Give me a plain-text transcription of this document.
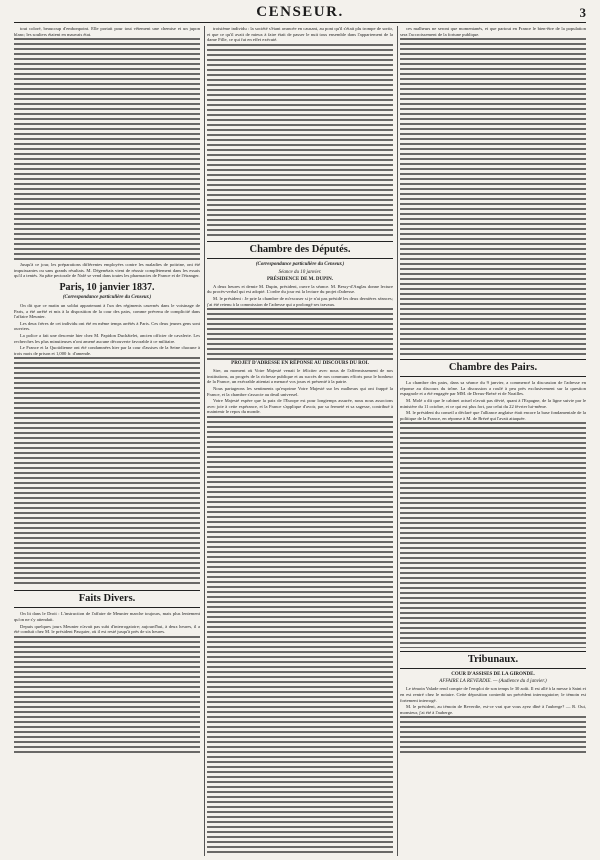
CENSEUR.	3

tout coloré, beaucoup d'embonpoint. Elle portait pour tout vêtement une chemise et un jupon blanc; les souliers étaient en mauvais état.

Jusqu'à ce jour, les préparations différentes employées contre les maladies de poitrine, ont été impuissantes ou sans grands résultats. M. Dégenétais vient de réussir complètement dans les essais qu'il a tentés. Sa pâte pectorale de Nafé se vend dans toutes les pharmacies de France et de l'étranger.

Paris, 10 janvier 1837.
(Correspondance particulière du Censeur.)

On dit que ce matin un soldat appartenant à l'un des régiments casernés dans le voisinage de Paris, a été arrêté et mis à la disposition de la cour des pairs, comme prévenu de complicité dans l'affaire Meunier.

Les deux frères de cet individu ont été en même temps arrêtés à Paris. Ces deux jeunes gens sont ouvriers.

La police a fait une descente hier chez M. Papidon Duchâtelet, ancien officier de cavalerie. Les recherches les plus minutieuses n'ont amené aucune découverte favorable à ce militaire.

Le France et la Quotidienne ont été condamnées hier par la cour d'assises de la Seine chacune à trois mois de prison et 1,000 fr. d'amende.

Faits Divers.

On lit dans le Droit : L'instruction de l'affaire de Meunier marche toujours, mais plus lentement qu'on ne s'y attendait.

Depuis quelques jours Meunier n'avait pas subi d'interrogatoire; aujourd'hui, à deux heures, il a été conduit chez M. le président Pasquier, où il est resté jusqu'à près de six heures.

troisième individu : la société s'étant avancée en causant, au pont qu'il s'était plu trompe de sortir, et que ce qu'il avait de mieux à faire était de passer le nuit tous ensemble dans l'appartement de la dame Fille, ce qui fut en effet exécuté.

Chambre des Députés.
(Correspondance particulière du Censeur.)
Séance du 10 janvier.
PRÉSIDENCE DE M. DUPIN.

A deux heures et demie M. Dupin, président, ouvre la séance. M. Bessy-d'Anglas donne lecture du procès-verbal qui est adopté. L'ordre du jour est la lecture du projet d'adresse.

M. le président : Je prie la chambre de m'excuser si je n'ai pas présidé les deux dernières séances; j'ai été retenu à la commission de l'adresse qui a prolongé ses travaux.

PROJET D'ADRESSE EN RÉPONSE AU DISCOURS DU ROI.

Sire, au moment où Votre Majesté venait le féliciter avec nous de l'affermissement de nos institutions, au progrès de la richesse publique et au succès de nos communs efforts pour le bonheur de la France, un exécrable attentat a menacé vos jours et présenté à la patrie.

Nous partageons les sentiments qu'exprime Votre Majesté sur les malheurs qui ont frappé la France, et la chambre s'associe au deuil universel.

Votre Majesté espère que la paix de l'Europe est pour longtemps assurée, nous nous associons avec joie à cette espérance, et la France s'applique d'avoir, par sa fermeté et sa sagesse, contribué à maintenir le repos du monde.

ces malheurs ne seront que momentanés, et que partout en France le bien-être de la population sera l'accroissement de la fortune publique.

Chambre des Pairs.

La chambre des pairs, dans sa séance du 9 janvier, a commencé la discussion de l'adresse en réponse au discours du trône. La discussion a roulé à peu près exclusivement sur la question espagnole et a été engagée par MM. de Dreux-Brézé et de Noailles.

M. Molé a dit que le cabinet actuel n'avait pas dévié, quant à l'Espagne, de la ligne suivie par le ministère du 11 octobre, et ce qui est plus fort, par celui du 22 février lui-même.

M. le président du conseil a déclaré que l'alliance anglaise était encore la base fondamentale de la politique de la France, en réponse à M. de Brézé qui l'avait attaquée.

Tribunaux.
COUR D'ASSISES DE LA GIRONDE.
AFFAIRE LA REVERDIE. — (Audience du 4 janvier.)

Le témoin Valade rend compte de l'emploi de son temps le 30 août. Il est allé à la messe à Saint et en est rentré chez le notaire. Cette déposition contredit un précédent interrogatoire; le témoin est fortement interrogé.

M. le président, au témoin de Reverdie, est-ce vrai que vous ayez dîné à l'auberge? — R. Oui, monsieur, j'ai été à l'auberge.
